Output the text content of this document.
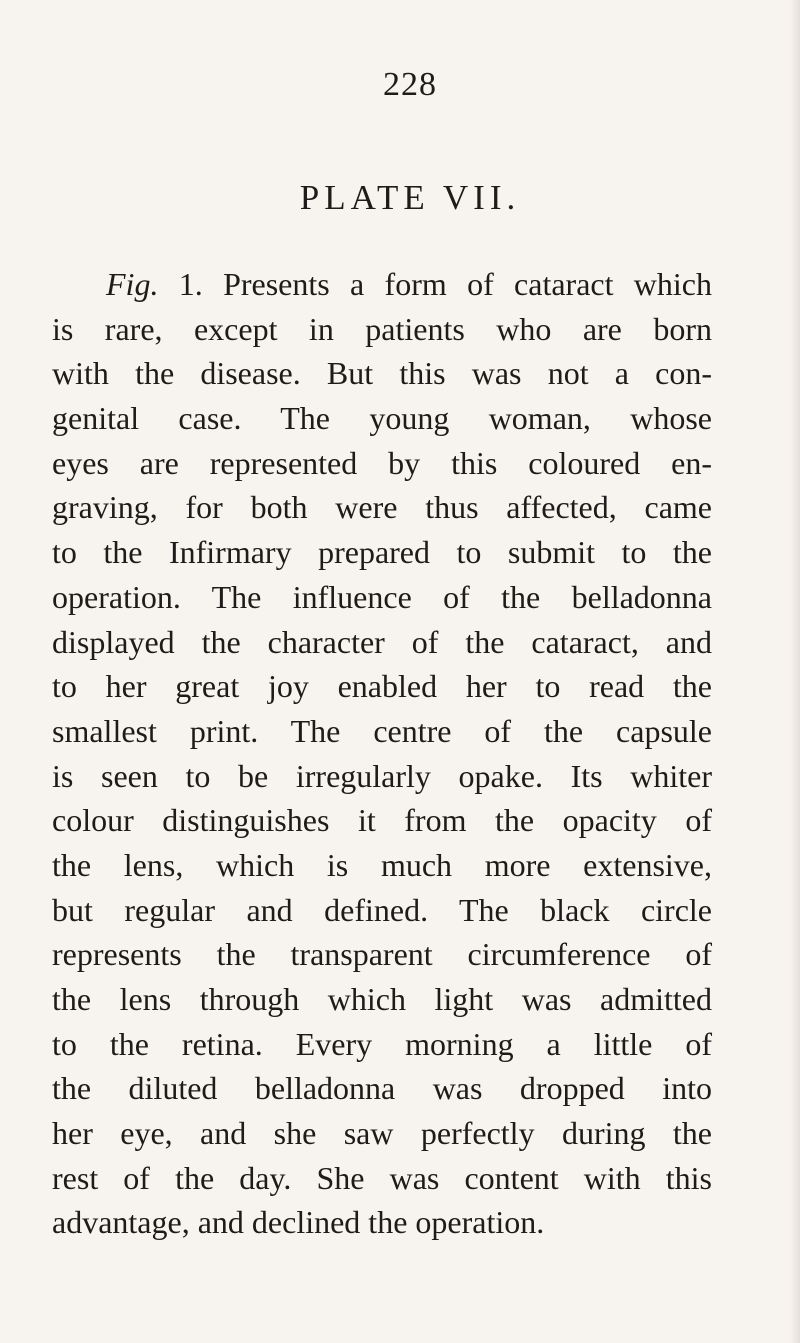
228
PLATE VII.
Fig. 1. Presents a form of cataract which
is rare, except in patients who are born
with the disease. But this was not a con-
genital case. The young woman, whose
eyes are represented by this coloured en-
graving, for both were thus affected, came
to the Infirmary prepared to submit to the
operation. The influence of the belladonna
displayed the character of the cataract, and
to her great joy enabled her to read the
smallest print. The centre of the capsule
is seen to be irregularly opake. Its whiter
colour distinguishes it from the opacity of
the lens, which is much more extensive,
but regular and defined. The black circle
represents the transparent circumference of
the lens through which light was admitted
to the retina. Every morning a little of
the diluted belladonna was dropped into
her eye, and she saw perfectly during the
rest of the day. She was content with this
advantage, and declined the operation.
